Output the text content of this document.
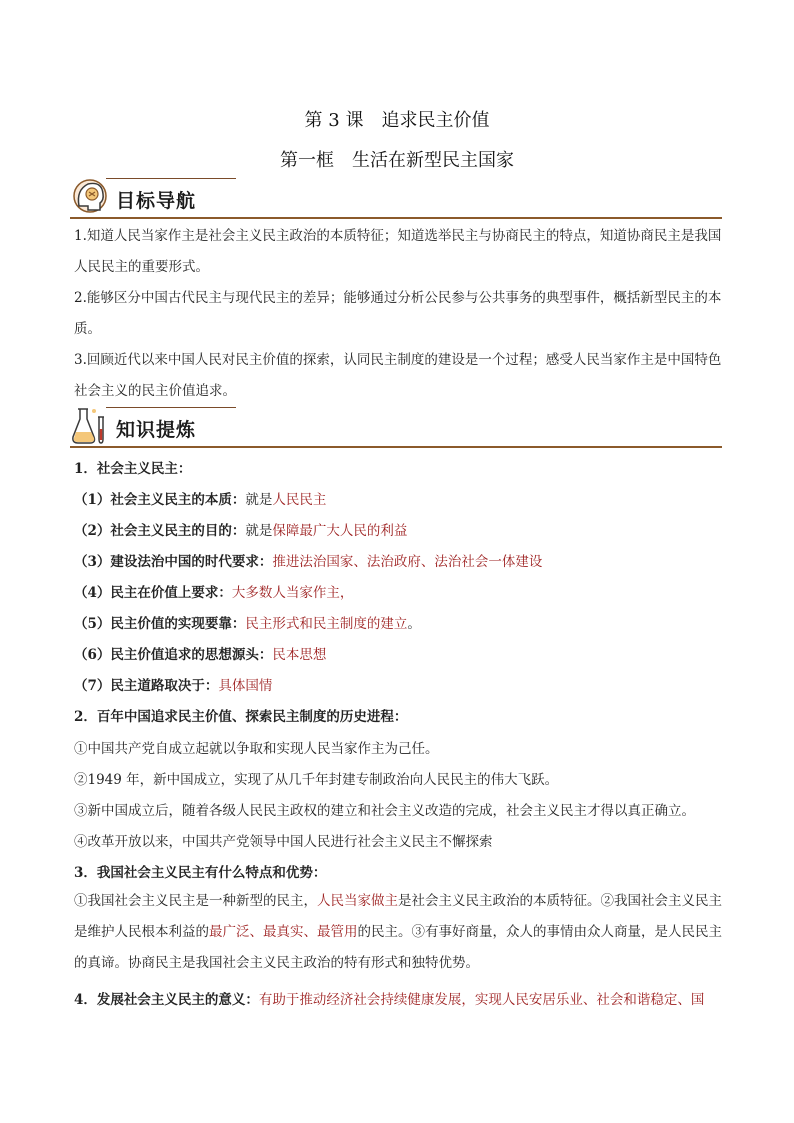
第 3 课　追求民主价值
第一框　生活在新型民主国家
目标导航
1.知道人民当家作主是社会主义民主政治的本质特征；知道选举民主与协商民主的特点，知道协商民主是我国人民民主的重要形式。
2.能够区分中国古代民主与现代民主的差异；能够通过分析公民参与公共事务的典型事件，概括新型民主的本质。
3.回顾近代以来中国人民对民主价值的探索，认同民主制度的建设是一个过程；感受人民当家作主是中国特色社会主义的民主价值追求。
知识提炼
1．社会主义民主：
（1）社会主义民主的本质：就是人民民主
（2）社会主义民主的目的：就是保障最广大人民的利益
（3）建设法治中国的时代要求：推进法治国家、法治政府、法治社会一体建设
（4）民主在价值上要求：大多数人当家作主，
（5）民主价值的实现要靠：民主形式和民主制度的建立。
（6）民主价值追求的思想源头：民本思想
（7）民主道路取决于：具体国情
2．百年中国追求民主价值、探索民主制度的历史进程：
①中国共产党自成立起就以争取和实现人民当家作主为己任。
②1949 年，新中国成立，实现了从几千年封建专制政治向人民民主的伟大飞跃。
③新中国成立后，随着各级人民民主政权的建立和社会主义改造的完成，社会主义民主才得以真正确立。
④改革开放以来，中国共产党领导中国人民进行社会主义民主不懈探索
3．我国社会主义民主有什么特点和优势：
①我国社会主义民主是一种新型的民主，人民当家做主是社会主义民主政治的本质特征。②我国社会主义民主是维护人民根本利益的最广泛、最真实、最管用的民主。③有事好商量，众人的事情由众人商量，是人民民主的真谛。协商民主是我国社会主义民主政治的特有形式和独特优势。
4．发展社会主义民主的意义：有助于推动经济社会持续健康发展，实现人民安居乐业、社会和谐稳定、国
